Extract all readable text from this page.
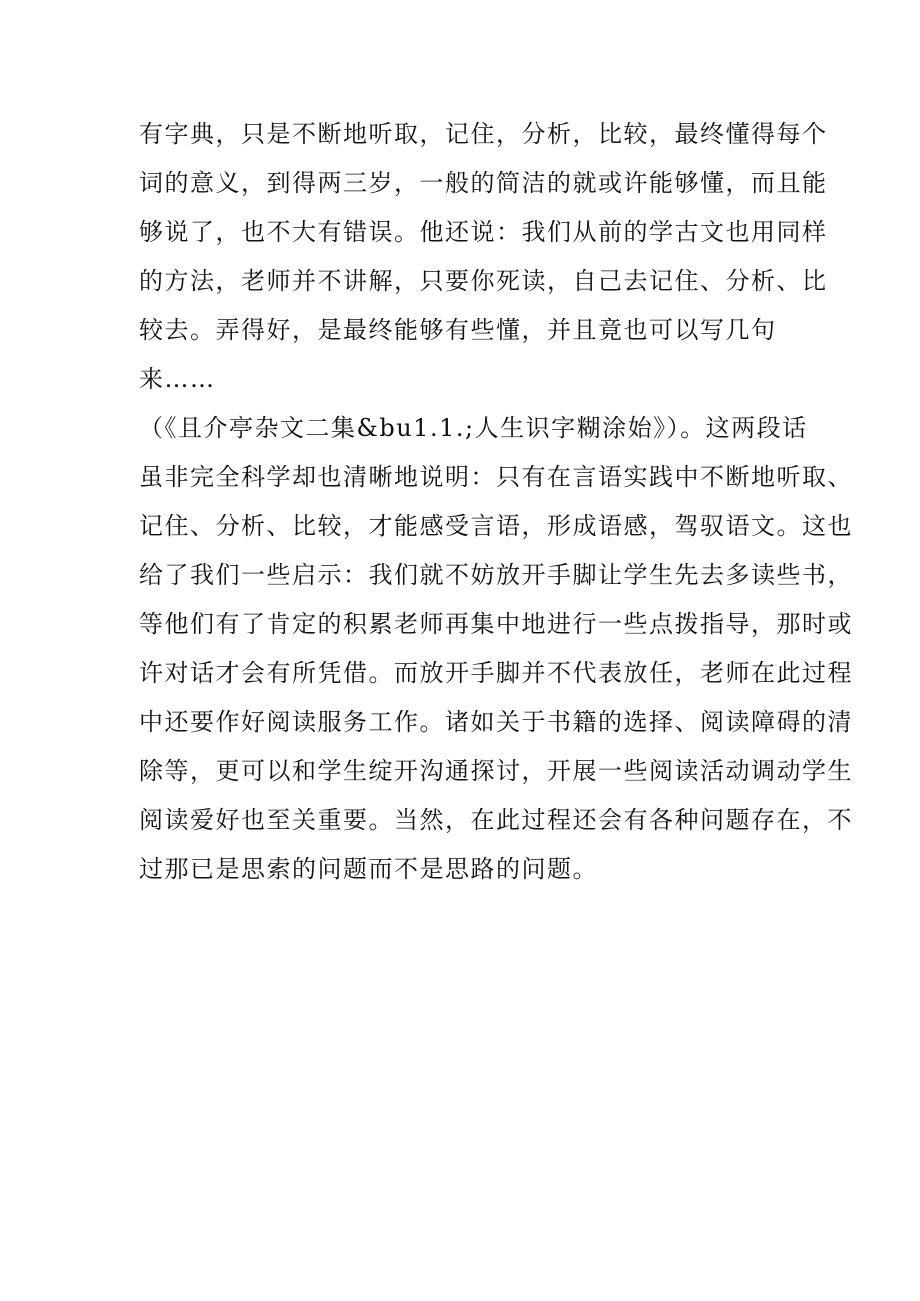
有字典，只是不断地听取，记住，分析，比较，最终懂得每个
词的意义，到得两三岁，一般的简洁的就或许能够懂，而且能
够说了，也不大有错误。他还说：我们从前的学古文也用同样
的方法，老师并不讲解，只要你死读，自己去记住、分析、比
较去。弄得好，是最终能够有些懂，并且竟也可以写几句
来……
（《且介亭杂文二集&bu1.1.;人生识字糊涂始》）。这两段话
虽非完全科学却也清晰地说明：只有在言语实践中不断地听取、
记住、分析、比较，才能感受言语，形成语感，驾驭语文。这也
给了我们一些启示：我们就不妨放开手脚让学生先去多读些书，
等他们有了肯定的积累老师再集中地进行一些点拨指导，那时或
许对话才会有所凭借。而放开手脚并不代表放任，老师在此过程
中还要作好阅读服务工作。诸如关于书籍的选择、阅读障碍的清
除等，更可以和学生绽开沟通探讨，开展一些阅读活动调动学生
阅读爱好也至关重要。当然，在此过程还会有各种问题存在，不
过那已是思索的问题而不是思路的问题。
